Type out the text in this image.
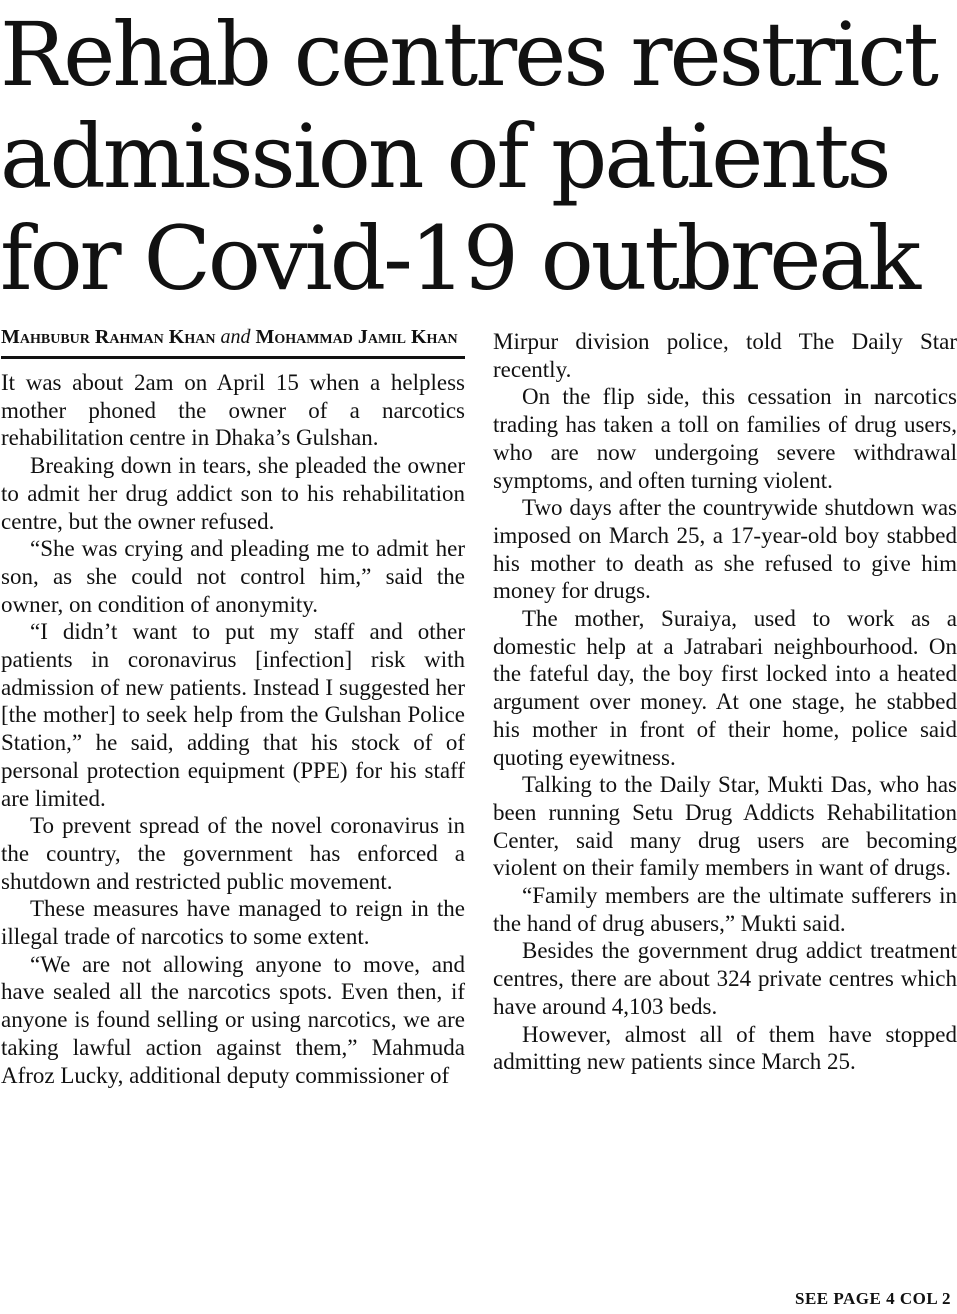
Rehab centres restrict
admission of patients
for Covid-19 outbreak
Mahbubur Rahman Khan and Mohammad Jamil Khan

It was about 2am on April 15 when a helpless mother phoned the owner of a narcotics rehabilitation centre in Dhaka’s Gulshan.

Breaking down in tears, she pleaded the owner to admit her drug addict son to his rehabilitation centre, but the owner refused.

“She was crying and pleading me to admit her son, as she could not control him,” said the owner, on condition of anonymity.

“I didn’t want to put my staff and other patients in coronavirus [infection] risk with admission of new patients. Instead I suggested her [the mother] to seek help from the Gulshan Police Station,” he said, adding that his stock of of personal protection equipment (PPE) for his staff are limited.

To prevent spread of the novel coronavirus in the country, the government has enforced a shutdown and restricted public movement.

These measures have managed to reign in the illegal trade of narcotics to some extent.

“We are not allowing anyone to move, and have sealed all the narcotics spots. Even then, if anyone is found selling or using narcotics, we are taking lawful action against them,” Mahmuda Afroz Lucky, additional deputy commissioner of

Mirpur division police, told The Daily Star recently.

On the flip side, this cessation in narcotics trading has taken a toll on families of drug users, who are now undergoing severe withdrawal symptoms, and often turning violent.

Two days after the countrywide shutdown was imposed on March 25, a 17-year-old boy stabbed his mother to death as she refused to give him money for drugs.

The mother, Suraiya, used to work as a domestic help at a Jatrabari neighbourhood. On the fateful day, the boy first locked into a heated argument over money. At one stage, he stabbed his mother in front of their home, police said quoting eyewitness.

Talking to the Daily Star, Mukti Das, who has been running Setu Drug Addicts Rehabilitation Center, said many drug users are becoming violent on their family members in want of drugs.

“Family members are the ultimate sufferers in the hand of drug abusers,” Mukti said.

Besides the government drug addict treatment centres, there are about 324 private centres which have around 4,103 beds.

However, almost all of them have stopped admitting new patients since March 25.

SEE PAGE 4 COL 2
